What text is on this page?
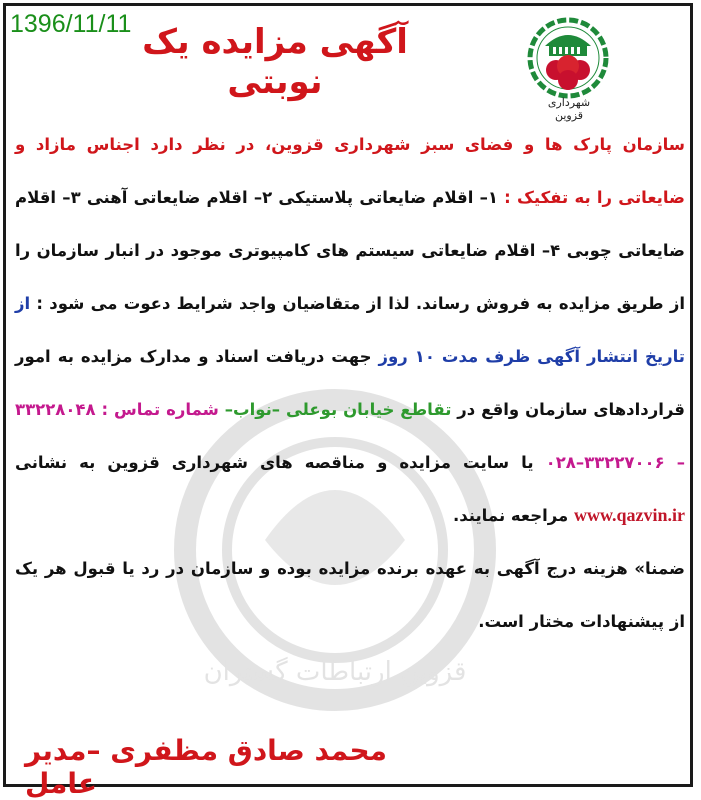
1396/11/11 آگهی مزایده یک نوبتی
شهرداری قزوین
قزوین ارتباطات گستران
سازمان پارک ها و فضای سبز شهرداری قزوین، در نظر دارد اجناس مازاد و ضایعاتی را به تفکیک : ۱– اقلام ضایعاتی پلاستیکی ۲– اقلام ضایعاتی آهنی ۳– اقلام ضایعاتی چوبی ۴– اقلام ضایعاتی سیستم های کامپیوتری موجود در انبار سازمان را از طریق مزایده به فروش رساند. لذا از متقاضیان واجد شرایط دعوت می شود : از تاریخ انتشار آگهی ظرف مدت ۱۰ روز جهت دریافت اسناد و مدارک مزایده به امور قراردادهای سازمان واقع در تقاطع خیابان بوعلی –نواب– شماره تماس : ۳۳۲۲۸۰۴۸ – ۳۳۲۲۷۰۰۶–۰۲۸ یا سایت مزایده و مناقصه های شهرداری قزوین به نشانی www.qazvin.ir مراجعه نمایند.
ضمنا» هزینه درج آگهی به عهده برنده مزایده بوده و سازمان در رد یا قبول هر یک از پیشنهادات مختار است.
محمد صادق مظفری –مدیر عامل
